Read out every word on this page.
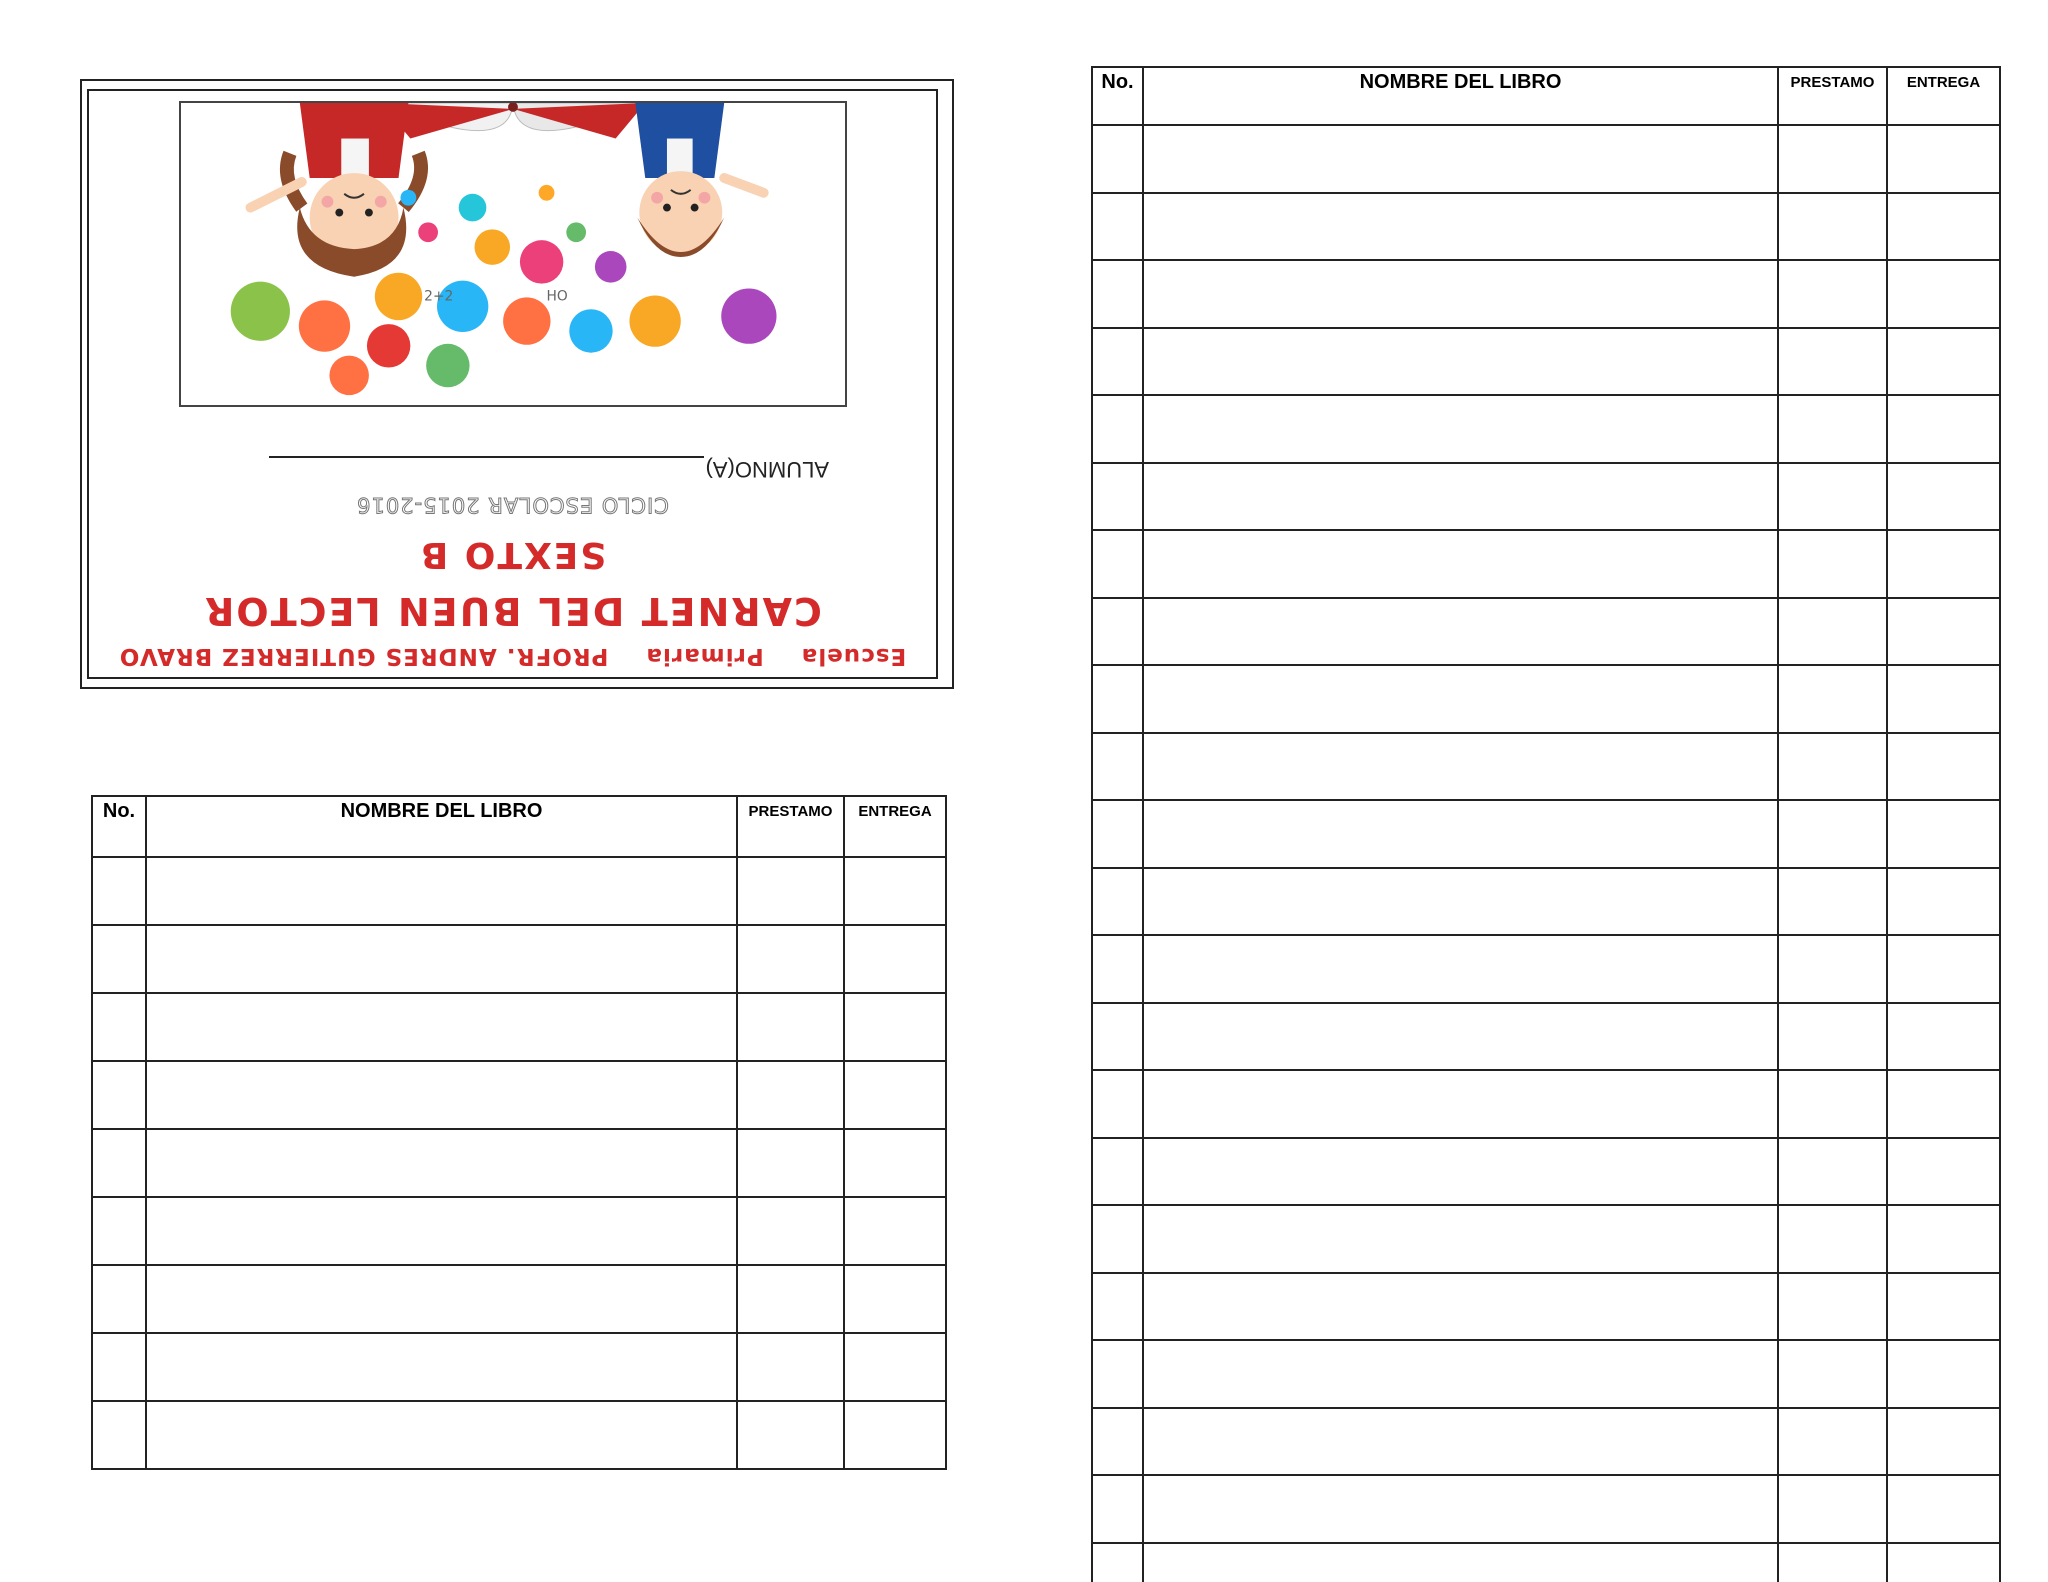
Escuela Primaria PROFR. ANDRES GUTIERREZ BRAVO
CARNET DEL BUEN LECTOR
SEXTO B
CICLO ESCOLAR 2015-2016
ALUMNO(A)
2+2	HO
No.	NOMBRE DEL LIBRO	PRESTAMO	ENTREGA

No.	NOMBRE DEL LIBRO	PRESTAMO	ENTREGA
